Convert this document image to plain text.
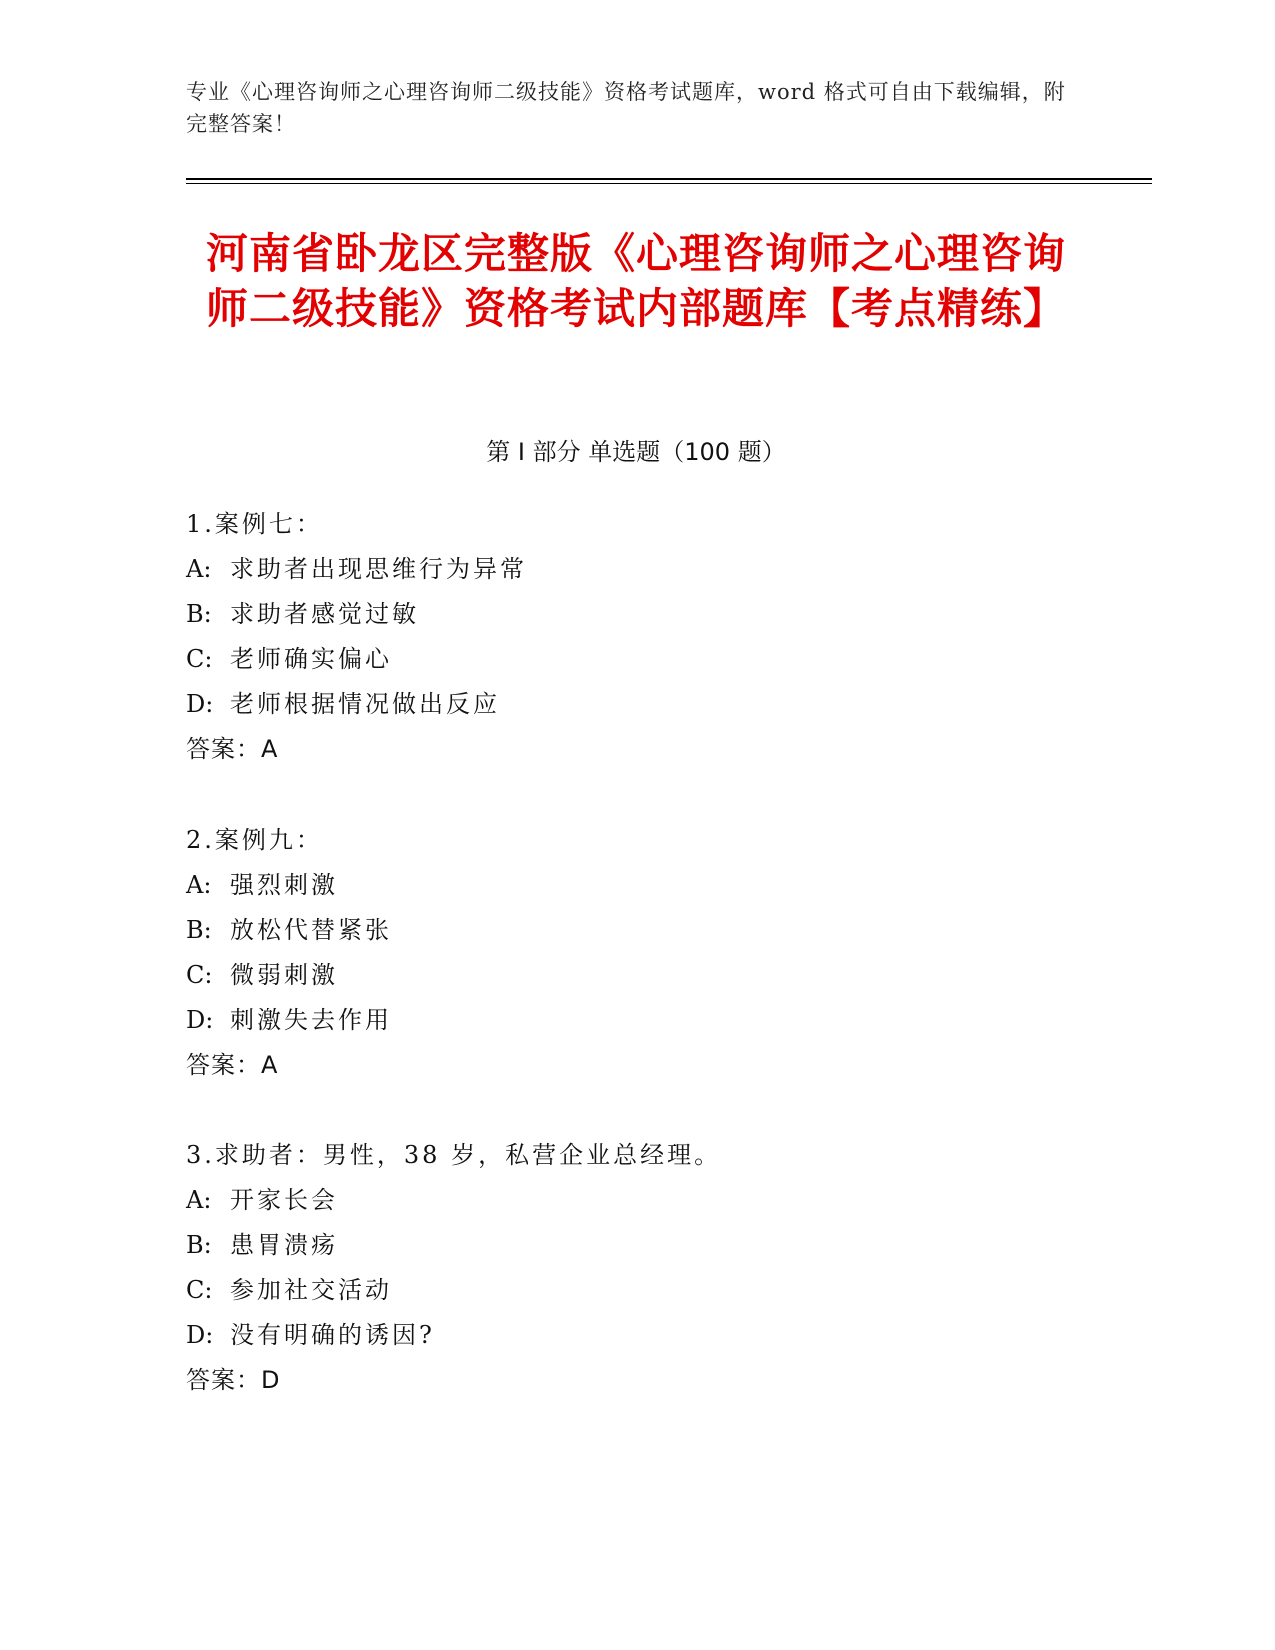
专业《心理咨询师之心理咨询师二级技能》资格考试题库，word 格式可自由下载编辑，附完整答案！
河南省卧龙区完整版《心理咨询师之心理咨询师二级技能》资格考试内部题库【考点精练】
第 I 部分 单选题（100 题）
1.案例七：
A: 求助者出现思维行为异常
B: 求助者感觉过敏
C: 老师确实偏心
D: 老师根据情况做出反应
答案：A
2.案例九：
A: 强烈刺激
B: 放松代替紧张
C: 微弱刺激
D: 刺激失去作用
答案：A
3.求助者：男性，38 岁，私营企业总经理。
A: 开家长会
B: 患胃溃疡
C: 参加社交活动
D: 没有明确的诱因?
答案：D
